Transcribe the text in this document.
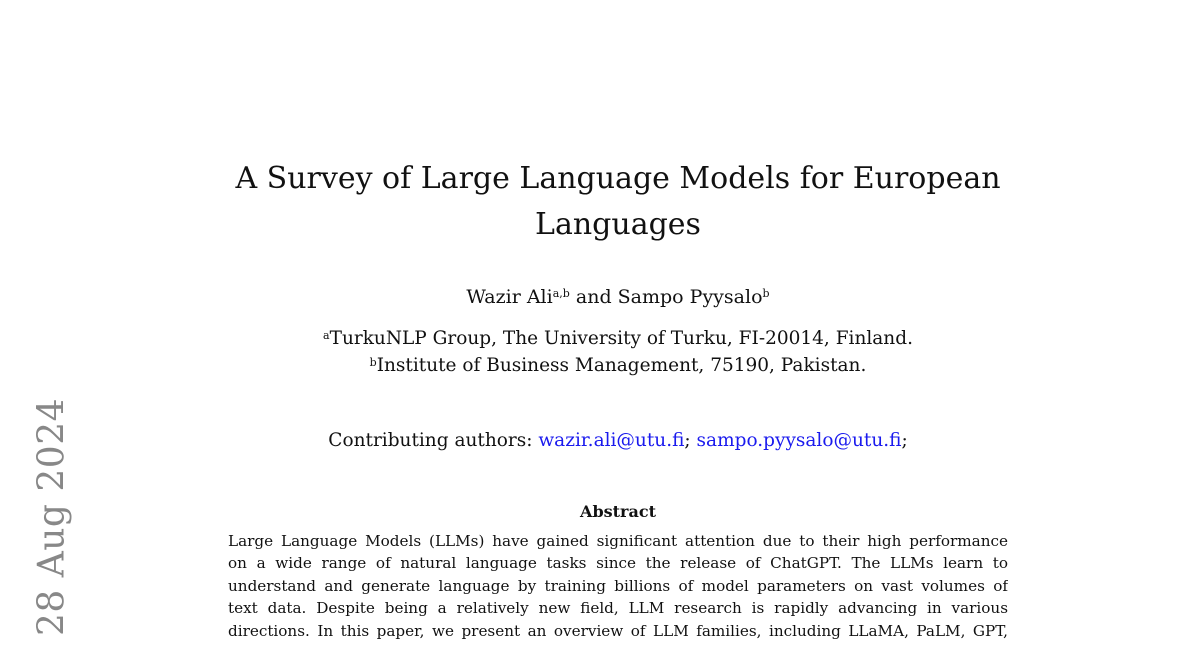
28 Aug 2024
A Survey of Large Language Models for European
Languages
Wazir Ali$^{a,b}$ and Sampo Pyysalo$^b$
$^a$TurkuNLP Group, The University of Turku, FI-20014, Finland.
$^b$Institute of Business Management, 75190, Pakistan.
Contributing authors: wazir.ali@utu.fi; sampo.pyysalo@utu.fi;
Abstract
Large Language Models (LLMs) have gained significant attention due to their high performance
on a wide range of natural language tasks since the release of ChatGPT. The LLMs learn to
understand and generate language by training billions of model parameters on vast volumes of
text data. Despite being a relatively new field, LLM research is rapidly advancing in various
directions. In this paper, we present an overview of LLM families, including LLaMA, PaLM, GPT,
